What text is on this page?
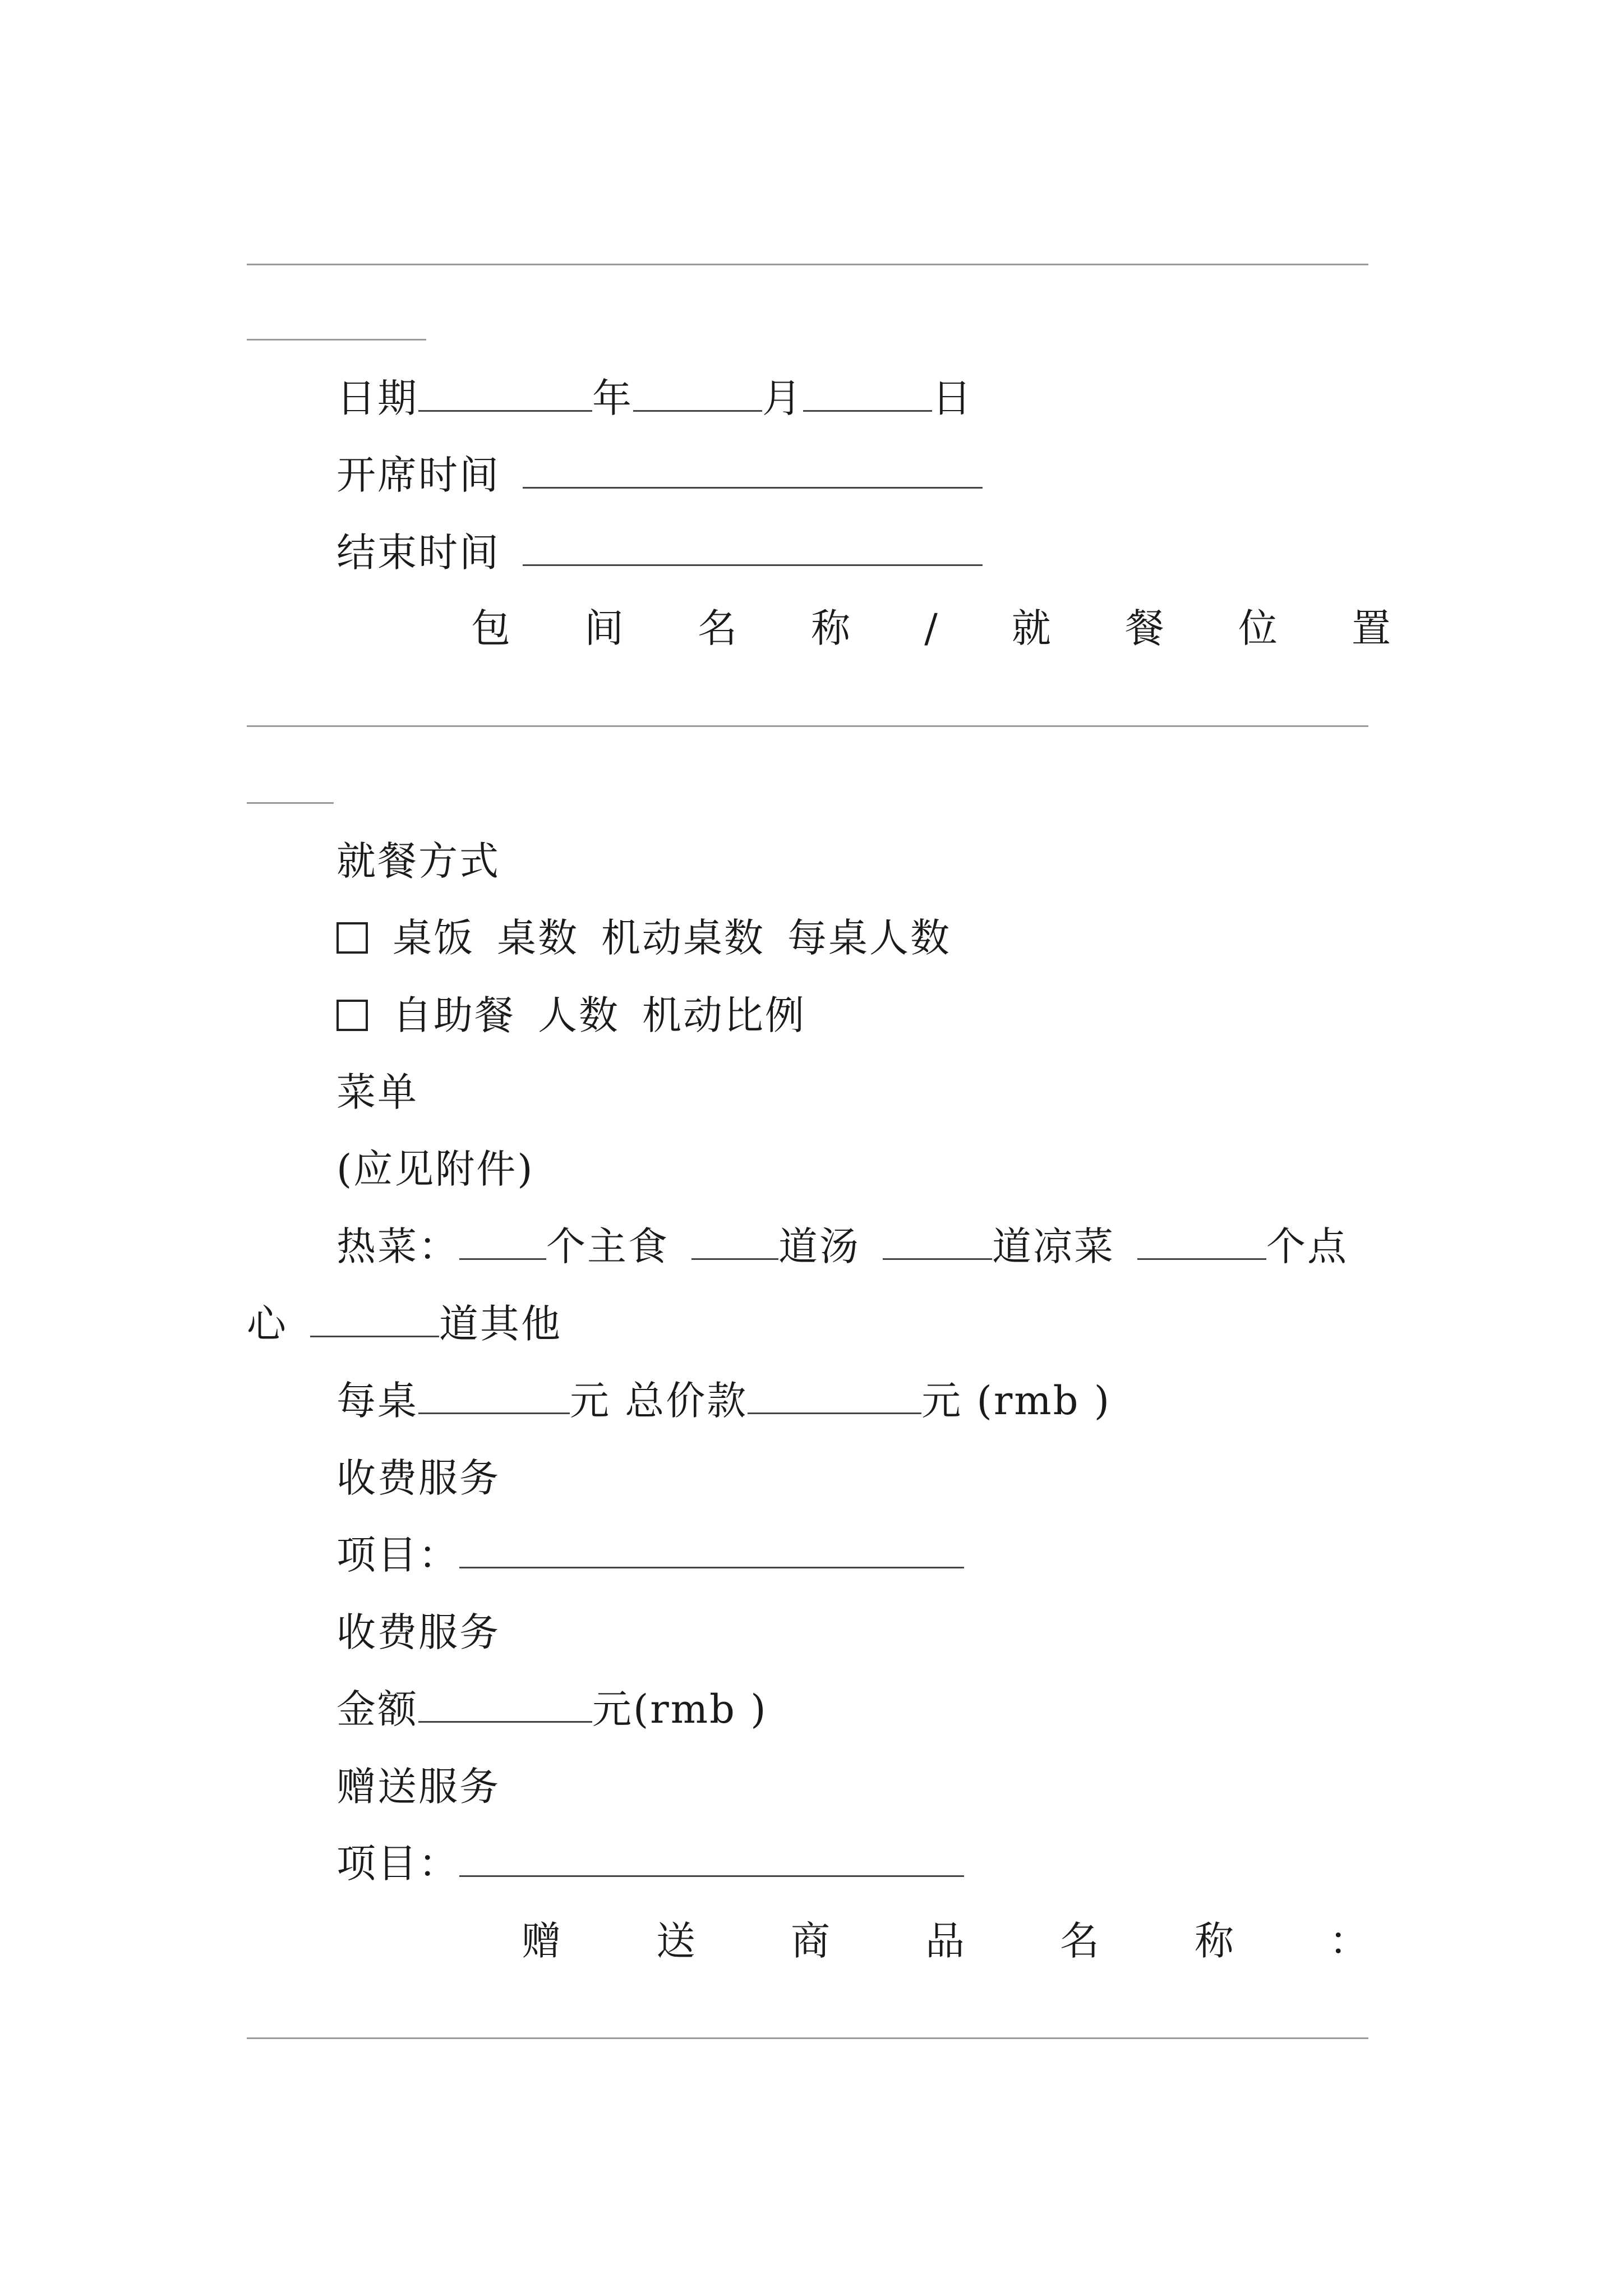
日期	年	月	日
开席时间
结束时间
包 间 名 称 / 就 餐 位 置
就餐方式
桌饭 桌数 机动桌数 每桌人数
自助餐 人数 机动比例
菜单
(应见附件)
热菜： 个主食	道汤	道凉菜	个点
心	道其他
每桌	元 总价款	元 (rmb )
收费服务
项目：
收费服务
金额	元(rmb )
赠送服务
项目：
赠 送 商 品 名 称 ：
